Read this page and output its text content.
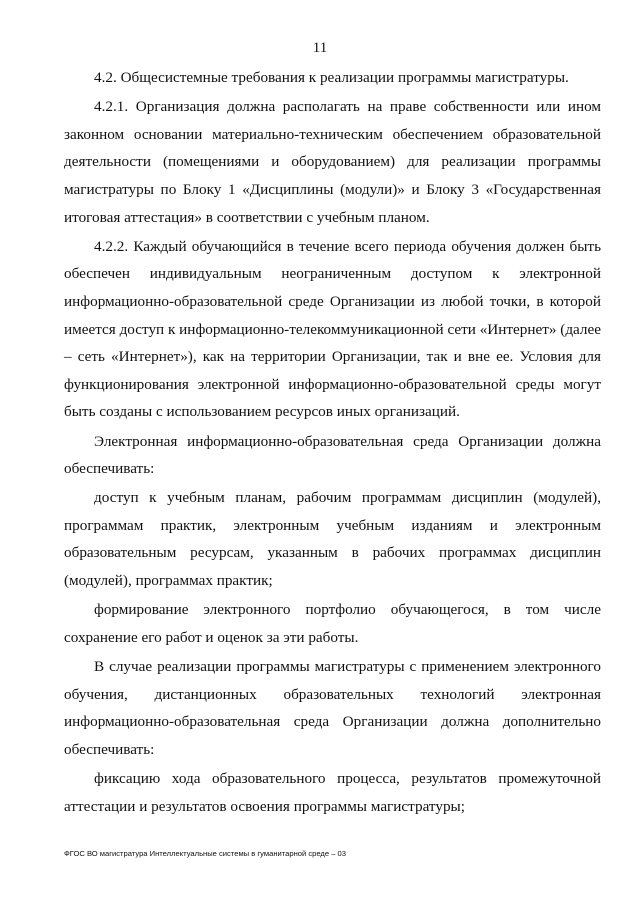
11

4.2. Общесистемные требования к реализации программы магистратуры.

4.2.1. Организация должна располагать на праве собственности или ином законном основании материально-техническим обеспечением образовательной деятельности (помещениями и оборудованием) для реализации программы магистратуры по Блоку 1 «Дисциплины (модули)» и Блоку 3 «Государственная итоговая аттестация» в соответствии с учебным планом.

4.2.2. Каждый обучающийся в течение всего периода обучения должен быть обеспечен индивидуальным неограниченным доступом к электронной информационно-образовательной среде Организации из любой точки, в которой имеется доступ к информационно-телекоммуникационной сети «Интернет» (далее – сеть «Интернет»), как на территории Организации, так и вне ее. Условия для функционирования электронной информационно-образовательной среды могут быть созданы с использованием ресурсов иных организаций.

Электронная информационно-образовательная среда Организации должна обеспечивать:

доступ к учебным планам, рабочим программам дисциплин (модулей), программам практик, электронным учебным изданиям и электронным образовательным ресурсам, указанным в рабочих программах дисциплин (модулей), программах практик;

формирование электронного портфолио обучающегося, в том числе сохранение его работ и оценок за эти работы.

В случае реализации программы магистратуры с применением электронного обучения, дистанционных образовательных технологий электронная информационно-образовательная среда Организации должна дополнительно обеспечивать:

фиксацию хода образовательного процесса, результатов промежуточной аттестации и результатов освоения программы магистратуры;

ФГОС ВО магистратура Интеллектуальные системы в гуманитарной среде – 03
